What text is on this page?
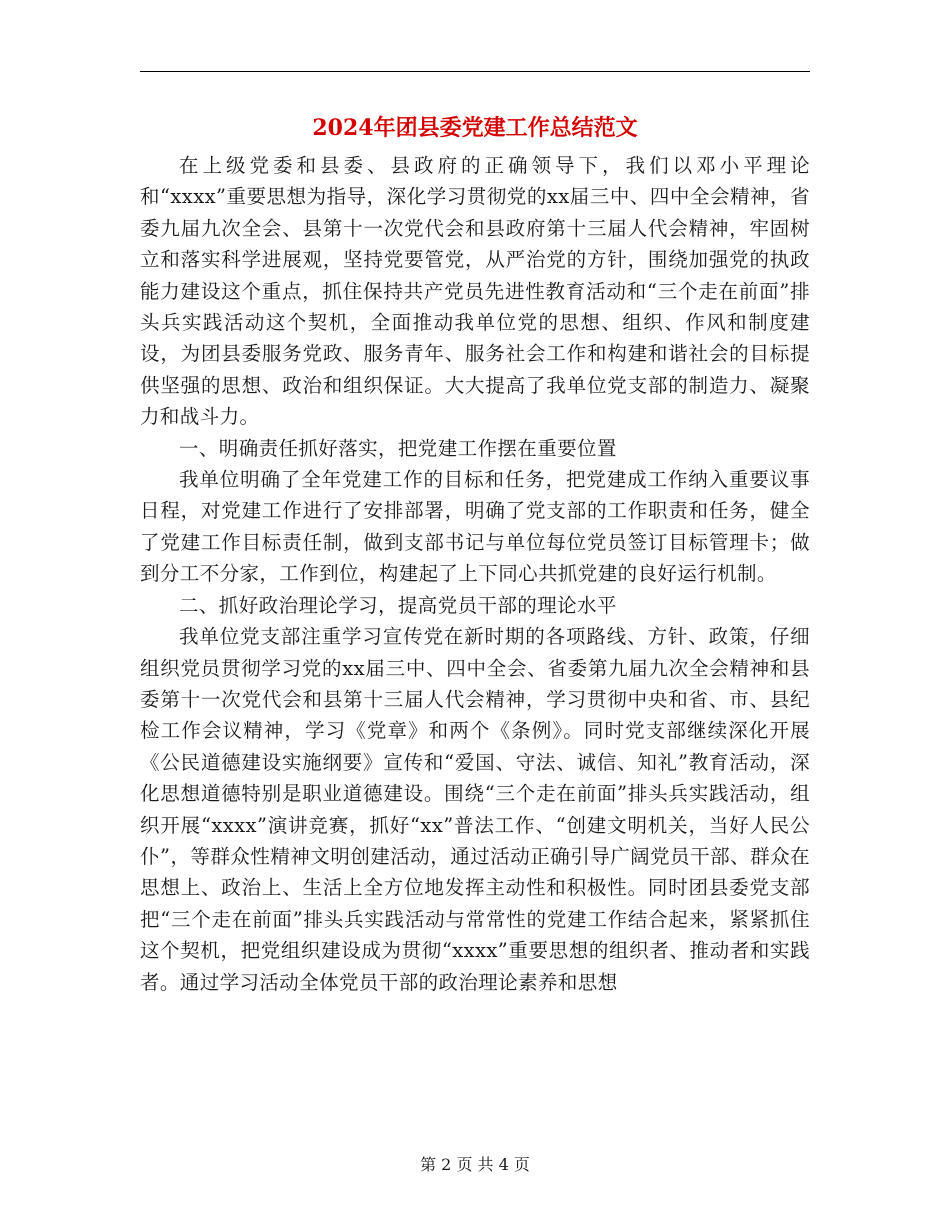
2024年团县委党建工作总结范文

在上级党委和县委、县政府的正确领导下，我们以邓小平理论和“xxxx”重要思想为指导，深化学习贯彻党的xx届三中、四中全会精神，省委九届九次全会、县第十一次党代会和县政府第十三届人代会精神，牢固树立和落实科学进展观，坚持党要管党，从严治党的方针，围绕加强党的执政能力建设这个重点，抓住保持共产党员先进性教育活动和“三个走在前面”排头兵实践活动这个契机，全面推动我单位党的思想、组织、作风和制度建设，为团县委服务党政、服务青年、服务社会工作和构建和谐社会的目标提供坚强的思想、政治和组织保证。大大提高了我单位党支部的制造力、凝聚力和战斗力。

一、明确责任抓好落实，把党建工作摆在重要位置

我单位明确了全年党建工作的目标和任务，把党建成工作纳入重要议事日程，对党建工作进行了安排部署，明确了党支部的工作职责和任务，健全了党建工作目标责任制，做到支部书记与单位每位党员签订目标管理卡；做到分工不分家，工作到位，构建起了上下同心共抓党建的良好运行机制。

二、抓好政治理论学习，提高党员干部的理论水平

我单位党支部注重学习宣传党在新时期的各项路线、方针、政策，仔细组织党员贯彻学习党的xx届三中、四中全会、省委第九届九次全会精神和县委第十一次党代会和县第十三届人代会精神，学习贯彻中央和省、市、县纪检工作会议精神，学习《党章》和两个《条例》。同时党支部继续深化开展《公民道德建设实施纲要》宣传和“爱国、守法、诚信、知礼”教育活动，深化思想道德特别是职业道德建设。围绕“三个走在前面”排头兵实践活动，组织开展“xxxx”演讲竞赛，抓好“xx”普法工作、“创建文明机关，当好人民公仆”，等群众性精神文明创建活动，通过活动正确引导广阔党员干部、群众在思想上、政治上、生活上全方位地发挥主动性和积极性。同时团县委党支部把“三个走在前面”排头兵实践活动与常常性的党建工作结合起来，紧紧抓住这个契机，把党组织建设成为贯彻“xxxx”重要思想的组织者、推动者和实践者。通过学习活动全体党员干部的政治理论素养和思想

第 2 页 共 4 页
